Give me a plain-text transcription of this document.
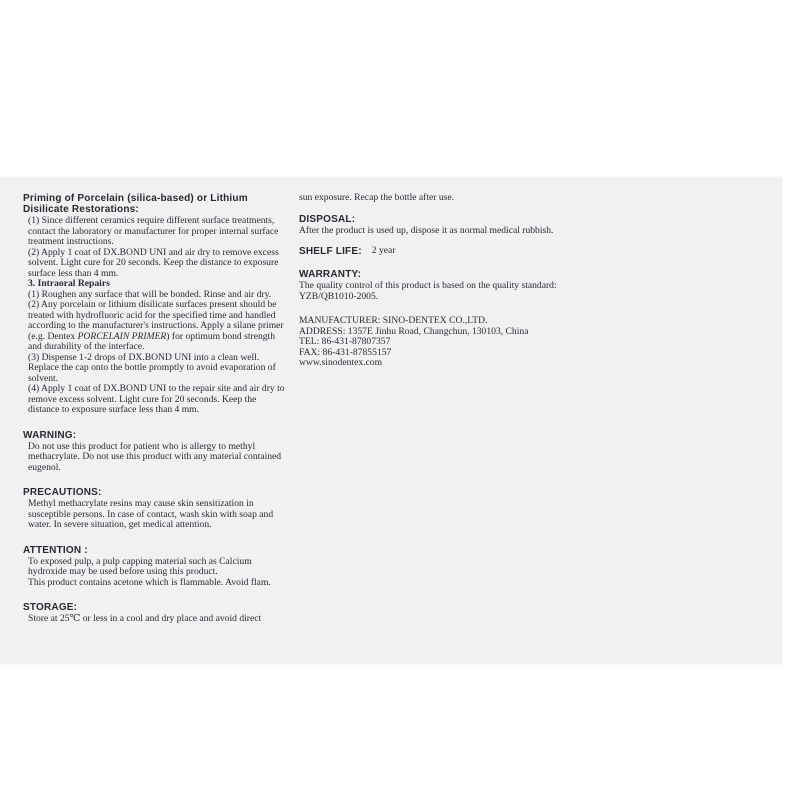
Priming of Porcelain (silica-based) or Lithium

Disilicate Restorations:

(1) Since different ceramics require different surface treatments, contact the laboratory or manufacturer for proper internal surface treatment instructions.

(2) Apply 1 coat of DX.BOND UNI and air dry to remove excess solvent. Light cure for 20 seconds. Keep the distance to exposure surface less than 4 mm.

3. Intraoral Repairs

(1) Roughen any surface that will be bonded. Rinse and air dry.

(2) Any porcelain or lithium disilicate surfaces present should be treated with hydrofluoric acid for the specified time and handled according to the manufacturer's instructions. Apply a silane primer (e.g. Dentex PORCELAIN PRIMER) for optimum bond strength and durability of the interface.

(3) Dispense 1-2 drops of DX.BOND UNI into a clean well. Replace the cap onto the bottle promptly to avoid evaporation of solvent.

(4) Apply 1 coat of DX.BOND UNI to the repair site and air dry to remove excess solvent. Light cure for 20 seconds. Keep the distance to exposure surface less than 4 mm.

WARNING:

Do not use this product for patient who is allergy to methyl methacrylate. Do not use this product with any material contained eugenol.

PRECAUTIONS:

Methyl methacrylate resins may cause skin sensitization in susceptible persons. In case of contact, wash skin with soap and water. In severe situation, get medical attention.

ATTENTION :

To exposed pulp, a pulp capping material such as Calcium hydroxide may be used before using this product.

This product contains acetone which is flammable. Avoid flam.

STORAGE:

Store at 25℃ or less in a cool and dry place and avoid direct

sun exposure. Recap the bottle after use.

DISPOSAL:

After the product is used up, dispose it as normal medical rubbish.

SHELF LIFE: 2 year

WARRANTY:

The quality control of this product is based on the quality standard: YZB/QB1010-2005.

MANUFACTURER: SINO-DENTEX CO.,LTD.

ADDRESS: 1357E Jinhu Road, Changchun, 130103, China

TEL: 86-431-87807357

FAX: 86-431-87855157

www.sinodentex.com
